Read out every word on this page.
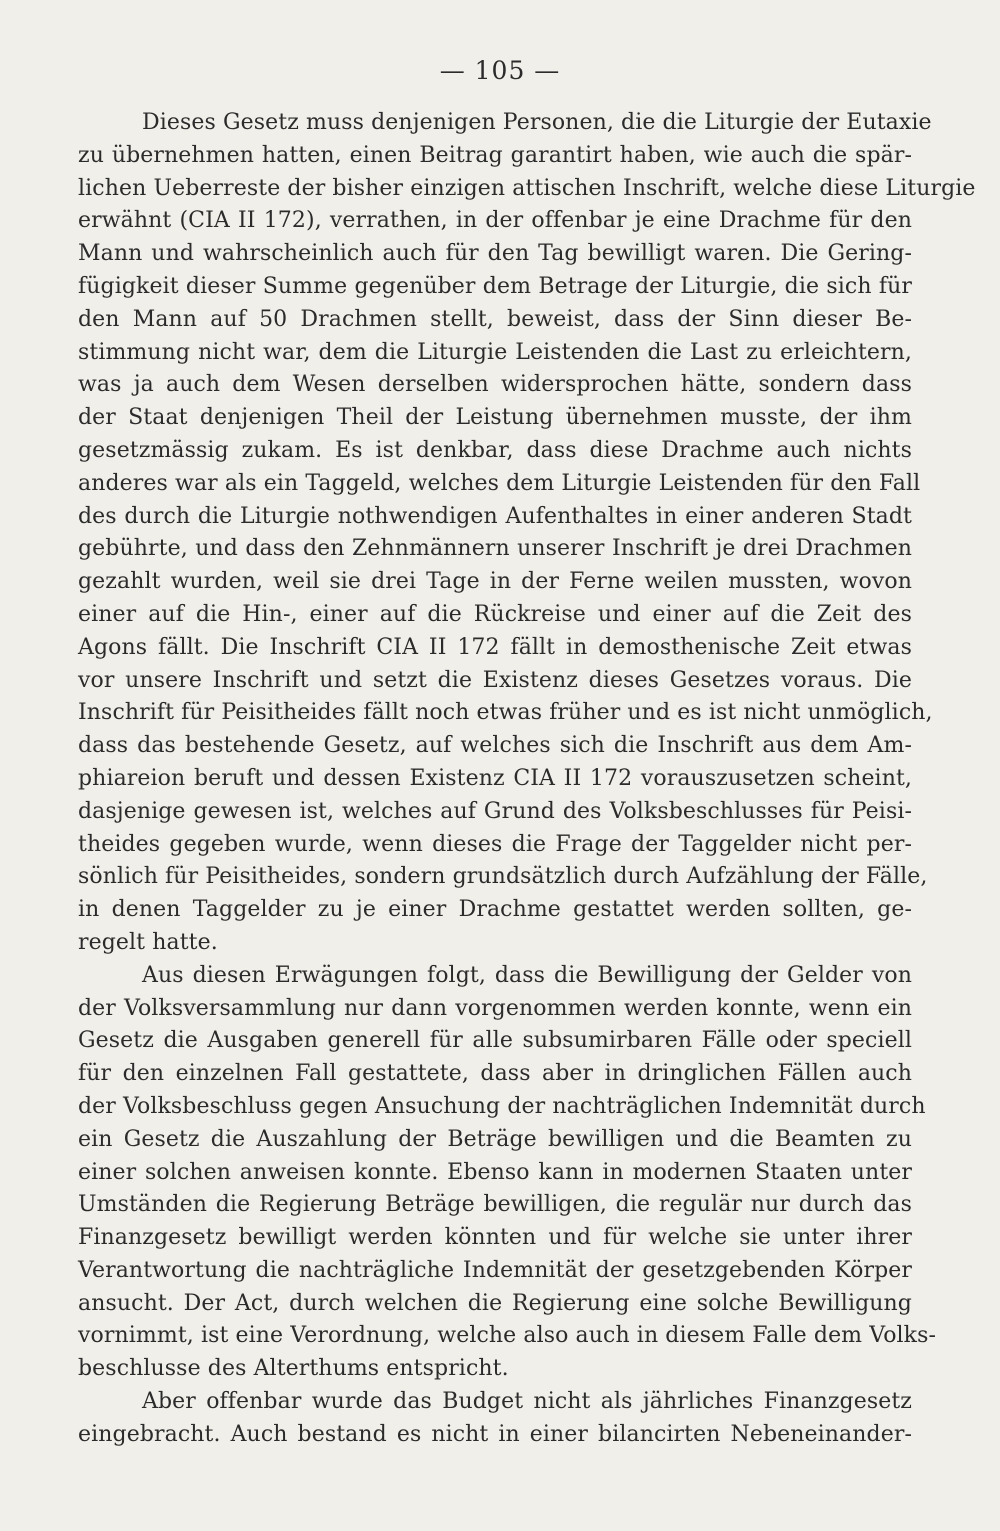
— 105 —
Dieses Gesetz muss denjenigen Personen, die die Liturgie der Eutaxie
zu übernehmen hatten, einen Beitrag garantirt haben, wie auch die spär-
lichen Ueberreste der bisher einzigen attischen Inschrift, welche diese Liturgie
erwähnt (CIA II 172), verrathen, in der offenbar je eine Drachme für den
Mann und wahrscheinlich auch für den Tag bewilligt waren. Die Gering-
fügigkeit dieser Summe gegenüber dem Betrage der Liturgie, die sich für
den Mann auf 50 Drachmen stellt, beweist, dass der Sinn dieser Be-
stimmung nicht war, dem die Liturgie Leistenden die Last zu erleichtern,
was ja auch dem Wesen derselben widersprochen hätte, sondern dass
der Staat denjenigen Theil der Leistung übernehmen musste, der ihm
gesetzmässig zukam. Es ist denkbar, dass diese Drachme auch nichts
anderes war als ein Taggeld, welches dem Liturgie Leistenden für den Fall
des durch die Liturgie nothwendigen Aufenthaltes in einer anderen Stadt
gebührte, und dass den Zehnmännern unserer Inschrift je drei Drachmen
gezahlt wurden, weil sie drei Tage in der Ferne weilen mussten, wovon
einer auf die Hin-, einer auf die Rückreise und einer auf die Zeit des
Agons fällt. Die Inschrift CIA II 172 fällt in demosthenische Zeit etwas
vor unsere Inschrift und setzt die Existenz dieses Gesetzes voraus. Die
Inschrift für Peisitheides fällt noch etwas früher und es ist nicht unmöglich,
dass das bestehende Gesetz, auf welches sich die Inschrift aus dem Am-
phiareion beruft und dessen Existenz CIA II 172 vorauszusetzen scheint,
dasjenige gewesen ist, welches auf Grund des Volksbeschlusses für Peisi-
theides gegeben wurde, wenn dieses die Frage der Taggelder nicht per-
sönlich für Peisitheides, sondern grundsätzlich durch Aufzählung der Fälle,
in denen Taggelder zu je einer Drachme gestattet werden sollten, ge-
regelt hatte.
Aus diesen Erwägungen folgt, dass die Bewilligung der Gelder von
der Volksversammlung nur dann vorgenommen werden konnte, wenn ein
Gesetz die Ausgaben generell für alle subsumirbaren Fälle oder speciell
für den einzelnen Fall gestattete, dass aber in dringlichen Fällen auch
der Volksbeschluss gegen Ansuchung der nachträglichen Indemnität durch
ein Gesetz die Auszahlung der Beträge bewilligen und die Beamten zu
einer solchen anweisen konnte. Ebenso kann in modernen Staaten unter
Umständen die Regierung Beträge bewilligen, die regulär nur durch das
Finanzgesetz bewilligt werden könnten und für welche sie unter ihrer
Verantwortung die nachträgliche Indemnität der gesetzgebenden Körper
ansucht. Der Act, durch welchen die Regierung eine solche Bewilligung
vornimmt, ist eine Verordnung, welche also auch in diesem Falle dem Volks-
beschlusse des Alterthums entspricht.
Aber offenbar wurde das Budget nicht als jährliches Finanzgesetz
eingebracht. Auch bestand es nicht in einer bilancirten Nebeneinander-
